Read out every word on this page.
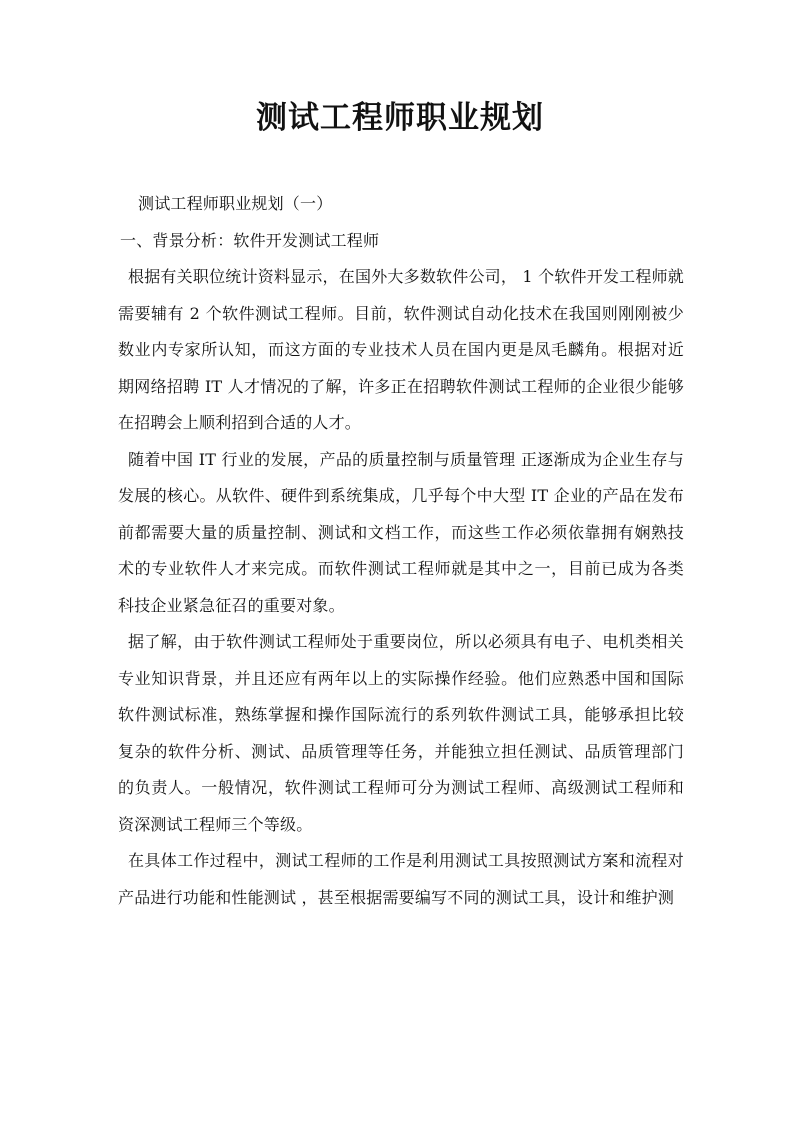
测试工程师职业规划

测试工程师职业规划（一）

一、背景分析：软件开发测试工程师

根据有关职位统计资料显示，在国外大多数软件公司， 1 个软件开发工程师就需要辅有 2 个软件测试工程师。目前，软件测试自动化技术在我国则刚刚被少数业内专家所认知，而这方面的专业技术人员在国内更是凤毛麟角。根据对近期网络招聘 IT 人才情况的了解，许多正在招聘软件测试工程师的企业很少能够在招聘会上顺利招到合适的人才。

随着中国 IT 行业的发展，产品的质量控制与质量管理 正逐渐成为企业生存与发展的核心。从软件、硬件到系统集成，几乎每个中大型 IT 企业的产品在发布前都需要大量的质量控制、测试和文档工作，而这些工作必须依靠拥有娴熟技术的专业软件人才来完成。而软件测试工程师就是其中之一，目前已成为各类科技企业紧急征召的重要对象。

据了解，由于软件测试工程师处于重要岗位，所以必须具有电子、电机类相关专业知识背景，并且还应有两年以上的实际操作经验。他们应熟悉中国和国际软件测试标准，熟练掌握和操作国际流行的系列软件测试工具，能够承担比较复杂的软件分析、测试、品质管理等任务，并能独立担任测试、品质管理部门的负责人。一般情况，软件测试工程师可分为测试工程师、高级测试工程师和资深测试工程师三个等级。

在具体工作过程中，测试工程师的工作是利用测试工具按照测试方案和流程对产品进行功能和性能测试 ，甚至根据需要编写不同的测试工具，设计和维护测
